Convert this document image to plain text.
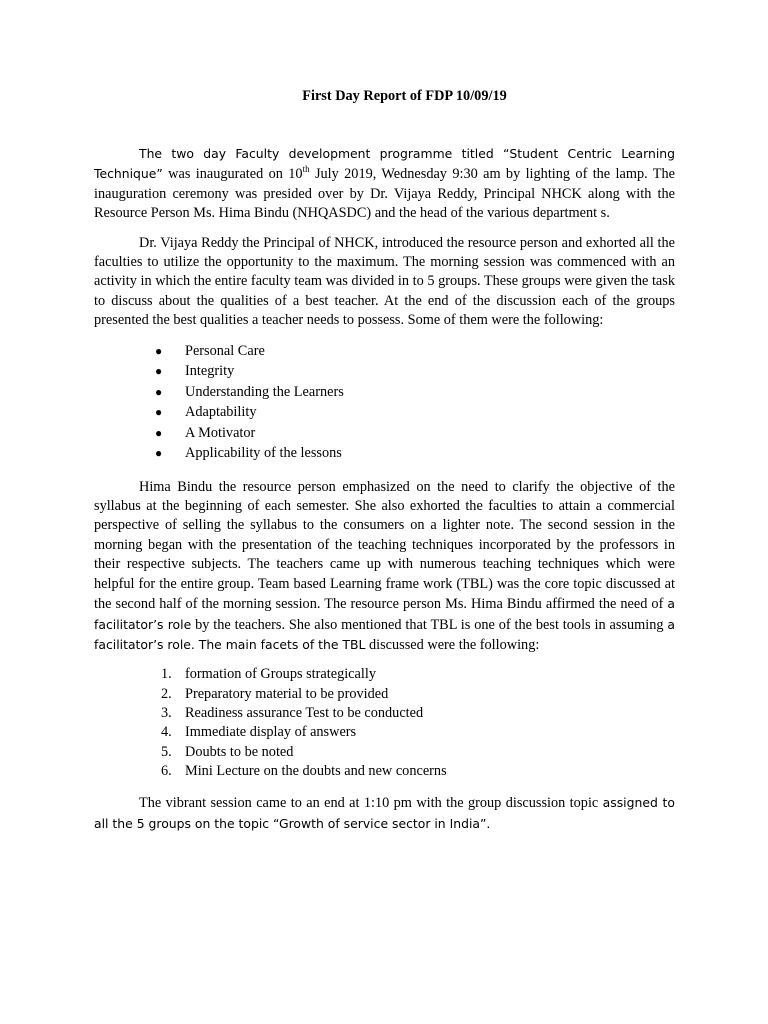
First Day Report of FDP 10/09/19

The two day Faculty development programme titled “Student Centric Learning Technique” was inaugurated on 10th July 2019, Wednesday 9:30 am by lighting of the lamp. The inauguration ceremony was presided over by Dr. Vijaya Reddy, Principal NHCK along with the Resource Person Ms. Hima Bindu (NHQASDC) and the head of the various department s.

Dr. Vijaya Reddy the Principal of NHCK, introduced the resource person and exhorted all the faculties to utilize the opportunity to the maximum. The morning session was commenced with an activity in which the entire faculty team was divided in to 5 groups. These groups were given the task to discuss about the qualities of a best teacher. At the end of the discussion each of the groups presented the best qualities a teacher needs to possess. Some of them were the following:

● Personal Care
● Integrity
● Understanding the Learners
● Adaptability
● A Motivator
● Applicability of the lessons

Hima Bindu the resource person emphasized on the need to clarify the objective of the syllabus at the beginning of each semester. She also exhorted the faculties to attain a commercial perspective of selling the syllabus to the consumers on a lighter note. The second session in the morning began with the presentation of the teaching techniques incorporated by the professors in their respective subjects. The teachers came up with numerous teaching techniques which were helpful for the entire group. Team based Learning frame work (TBL) was the core topic discussed at the second half of the morning session. The resource person Ms. Hima Bindu affirmed the need of a facilitator’s role by the teachers. She also mentioned that TBL is one of the best tools in assuming a facilitator’s role. The main facets of the TBL discussed were the following:

1. formation of Groups strategically
2. Preparatory material to be provided
3. Readiness assurance Test to be conducted
4. Immediate display of answers
5. Doubts to be noted
6. Mini Lecture on the doubts and new concerns

The vibrant session came to an end at 1:10 pm with the group discussion topic assigned to all the 5 groups on the topic “Growth of service sector in India”.
